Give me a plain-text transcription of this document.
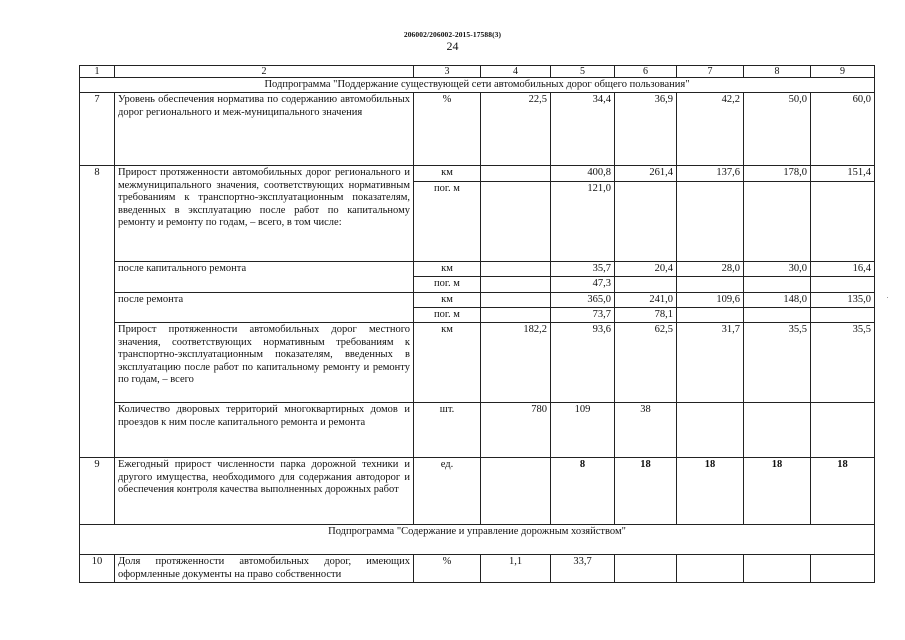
206002/206002-2015-17588(3)
24
1	2	3	4	5	6	7	8	9
Подпрограмма "Поддержание существующей сети автомобильных дорог общего пользования"								
7	Уровень обеспечения норматива по содержанию автомобильных дорог регионального и меж-муниципального значения	%	22,5	34,4	36,9	42,2	50,0	60,0
8	Прирост протяженности автомобильных дорог регионального и межмуниципального значения, соответствующих нормативным требованиям к транспортно-эксплуатационным показателям, введенных в эксплуатацию после работ по капитальному ремонту и ремонту по годам, – всего, в том числе:	км		400,8	261,4	137,6	178,0	151,4
		пог. м		121,0				
	после капитального ремонта	км		35,7	20,4	28,0	30,0	16,4
		пог. м		47,3				
	после ремонта	км		365,0	241,0	109,6	148,0	135,0
		пог. м		73,7	78,1			
	Прирост протяженности автомобильных дорог местного значения, соответствующих нормативным требованиям к транспортно-эксплуатационным показателям, введенных в эксплуатацию после работ по капитальному ремонту и ремонту по годам, – всего	км	182,2	93,6	62,5	31,7	35,5	35,5
	Количество дворовых территорий многоквартирных домов и проездов к ним после капитального ремонта и ремонта	шт.	780	109	38			
9	Ежегодный прирост численности парка дорожной техники и другого имущества, необходимого для содержания автодорог и обеспечения контроля качества выполненных дорожных работ	ед.		8	18	18	18	18
Подпрограмма "Содержание и управление дорожным хозяйством"								
10	Доля протяженности автомобильных дорог, имеющих оформленные документы на право собственности	%	1,1	33,7				
